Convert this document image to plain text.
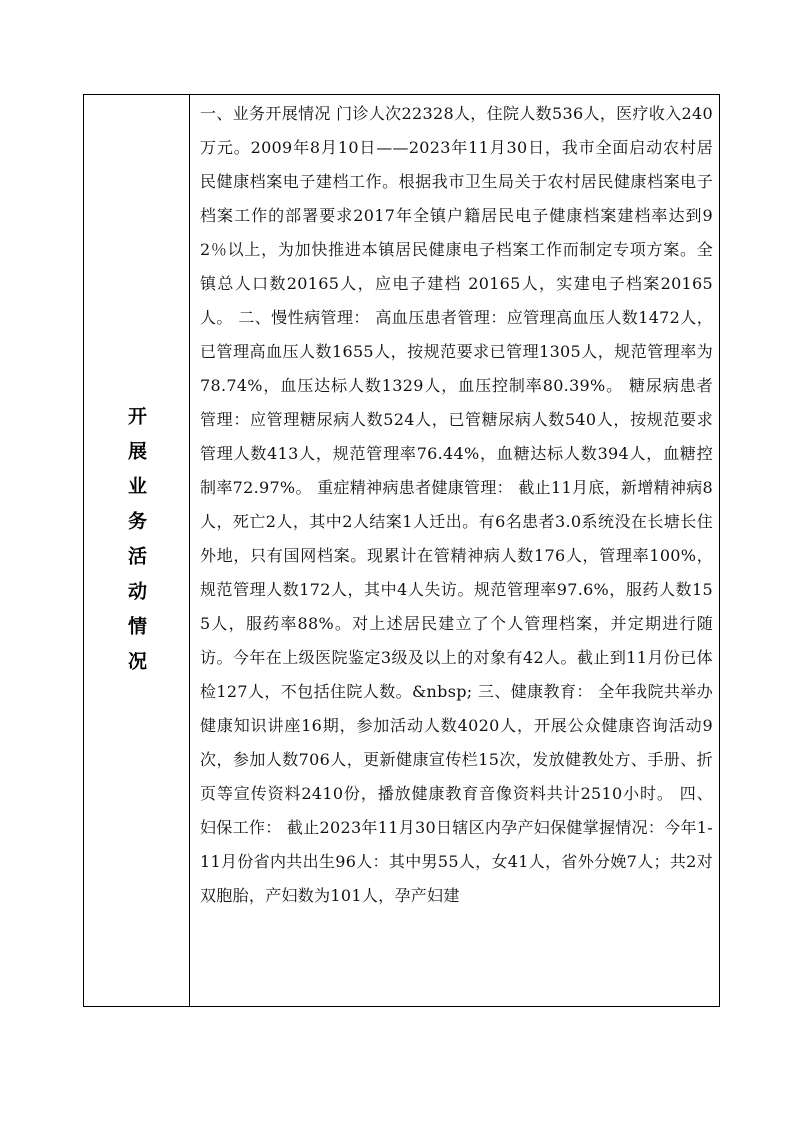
开展业务活动情况

一、业务开展情况 门诊人次22328人，住院人数536人，医疗收入240万元。2009年8月10日——2023年11月30日，我市全面启动农村居民健康档案电子建档工作。根据我市卫生局关于农村居民健康档案电子档案工作的部署要求2017年全镇户籍居民电子健康档案建档率达到92％以上，为加快推进本镇居民健康电子档案工作而制定专项方案。全镇总人口数20165人，应电子建档 20165人，实建电子档案20165人。 二、慢性病管理： 高血压患者管理：应管理高血压人数1472人，已管理高血压人数1655人，按规范要求已管理1305人，规范管理率为78.74%，血压达标人数1329人，血压控制率80.39%。 糖尿病患者管理：应管理糖尿病人数524人，已管糖尿病人数540人，按规范要求管理人数413人，规范管理率76.44%，血糖达标人数394人，血糖控制率72.97%。 重症精神病患者健康管理： 截止11月底，新增精神病8人，死亡2人，其中2人结案1人迁出。有6名患者3.0系统没在长塘长住外地，只有国网档案。现累计在管精神病人数176人，管理率100%，规范管理人数172人，其中4人失访。规范管理率97.6%，服药人数155人，服药率88%。对上述居民建立了个人管理档案，并定期进行随访。今年在上级医院鉴定3级及以上的对象有42人。截止到11月份已体检127人，不包括住院人数。&nbsp; 三、健康教育： 全年我院共举办健康知识讲座16期，参加活动人数4020人，开展公众健康咨询活动9次，参加人数706人，更新健康宣传栏15次，发放健教处方、手册、折页等宣传资料2410份，播放健康教育音像资料共计2510小时。 四、妇保工作： 截止2023年11月30日辖区内孕产妇保健掌握情况：今年1-11月份省内共出生96人：其中男55人，女41人，省外分娩7人；共2对双胞胎，产妇数为101人，孕产妇建
